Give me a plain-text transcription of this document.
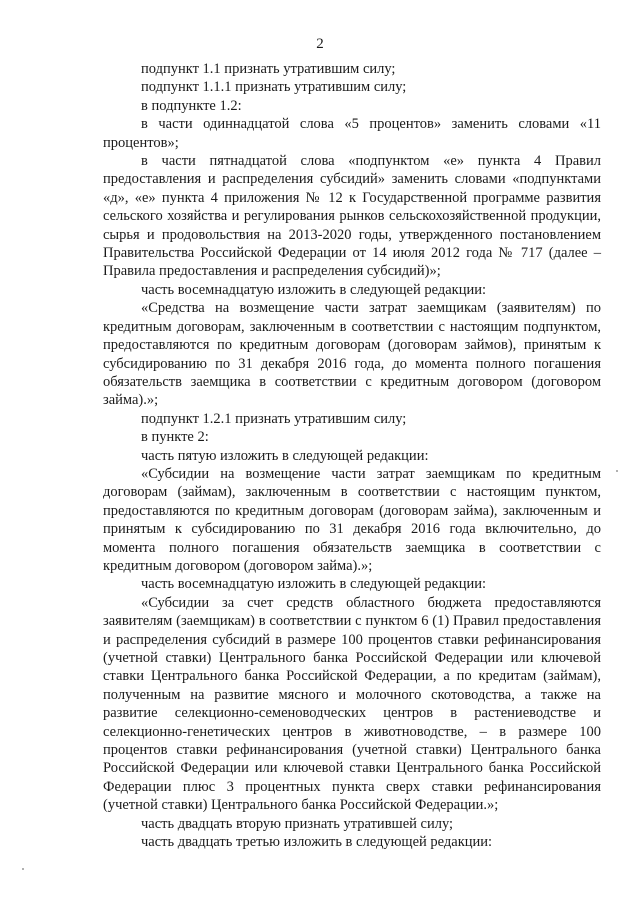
2

подпункт 1.1 признать утратившим силу;

подпункт 1.1.1 признать утратившим силу;

в подпункте 1.2:

в части одиннадцатой слова «5 процентов» заменить словами «11 процентов»;

в части пятнадцатой слова «подпунктом «е» пункта 4 Правил предоставления и распределения субсидий» заменить словами «подпунктами «д», «е» пункта 4 приложения № 12 к Государственной программе развития сельского хозяйства и регулирования рынков сельскохозяйственной продукции, сырья и продовольствия на 2013-2020 годы, утвержденного постановлением Правительства Российской Федерации от 14 июля 2012 года № 717 (далее – Правила предоставления и распределения субсидий)»;

часть восемнадцатую изложить в следующей редакции:

«Средства на возмещение части затрат заемщикам (заявителям) по кредитным договорам, заключенным в соответствии с настоящим подпунктом, предоставляются по кредитным договорам (договорам займов), принятым к субсидированию по 31 декабря 2016 года, до момента полного погашения обязательств заемщика в соответствии с кредитным договором (договором займа).»;

подпункт 1.2.1 признать утратившим силу;

в пункте 2:

часть пятую изложить в следующей редакции:

«Субсидии на возмещение части затрат заемщикам по кредитным договорам (займам), заключенным в соответствии с настоящим пунктом, предоставляются по кредитным договорам (договорам займа), заключенным и принятым к субсидированию по 31 декабря 2016 года включительно, до момента полного погашения обязательств заемщика в соответствии с кредитным договором (договором займа).»;

часть восемнадцатую изложить в следующей редакции:

«Субсидии за счет средств областного бюджета предоставляются заявителям (заемщикам) в соответствии с пунктом 6 (1) Правил предоставления и распределения субсидий в размере 100 процентов ставки рефинансирования (учетной ставки) Центрального банка Российской Федерации или ключевой ставки Центрального банка Российской Федерации, а по кредитам (займам), полученным на развитие мясного и молочного скотоводства, а также на развитие селекционно-семеноводческих центров в растениеводстве и селекционно-генетических центров в животноводстве, – в размере 100 процентов ставки рефинансирования (учетной ставки) Центрального банка Российской Федерации или ключевой ставки Центрального банка Российской Федерации плюс 3 процентных пункта сверх ставки рефинансирования (учетной ставки) Центрального банка Российской Федерации.»;

часть двадцать вторую признать утратившей силу;

часть двадцать третью изложить в следующей редакции:
